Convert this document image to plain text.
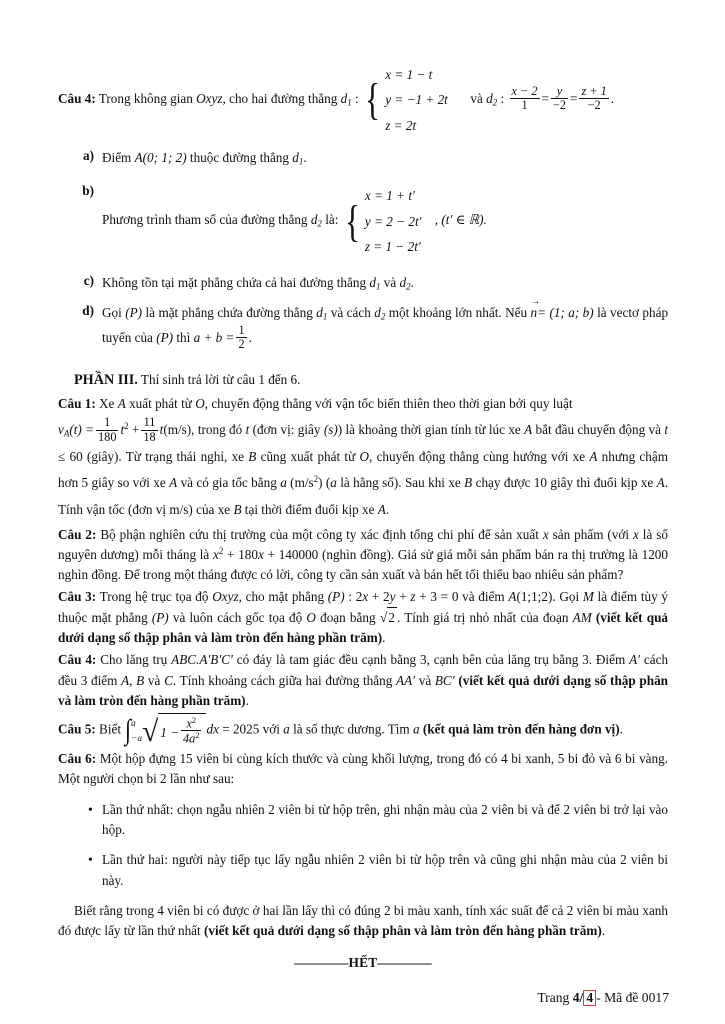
Câu 4: Trong không gian Oxyz, cho hai đường thẳng $d_1$ : {
x = 1 − t
y = −1 + 2t
z = 2t
và $d_2$ : $\frac{x - 2}{1} = \frac{y}{-2} = \frac{z + 1}{-2}$ .
a) Điểm A(0; 1; 2) thuộc đường thẳng $d_1$.
b)
Phương trình tham số của đường thẳng $d_2$ là: {
x = 1 + t′
y = 2 − 2t′
z = 1 − 2t′
, (t′ ∈ ℝ).
c) Không tồn tại mặt phẳng chứa cả hai đường thẳng $d_1$ và $d_2$.
d) Gọi (P) là mặt phẳng chứa đường thẳng $d_1$ và cách $d_2$ một khoảng lớn nhất. Nếu n →= (1; a; b) là vectơ pháp tuyến của (P) thì $a + b = \frac{1}{2}$ .
PHẦN III. Thí sinh trả lời từ câu 1 đến 6.
Câu 1: Xe A xuất phát từ O, chuyển động thẳng với vận tốc biến thiên theo thời gian bởi quy luật
$v_A(t) = \frac{1}{180} t^2 + \frac{11}{18} t(m/s)$, trong đó t (đơn vị: giây (s)) là khoảng thời gian tính từ lúc xe A bắt đầu chuyển động và t ≤ 60 (giây). Từ trạng thái nghỉ, xe B cũng xuất phát từ O, chuyển động thẳng cùng hướng với xe A nhưng chậm hơn 5 giây so với xe A và có gia tốc bằng a $(m/s^2)$ (a là hằng số). Sau khi xe B chạy được 10 giây thì đuổi kịp xe A. Tính vận tốc (đơn vị m/s) của xe B tại thời điểm đuổi kịp xe A.
Câu 2: Bộ phận nghiên cứu thị trường của một công ty xác định tổng chi phí để sản xuất x sản phẩm (với x là số nguyên dương) mỗi tháng là $x^2 + 180x + 140000$ (nghìn đồng). Giá sử giá mỗi sản phẩm bán ra thị trường là 1200 nghìn đồng. Để trong một tháng được có lời, công ty cần sản xuất và bán hết tối thiểu bao nhiêu sản phẩm?
Câu 3: Trong hệ trục tọa độ Oxyz, cho mặt phẳng (P) : 2x + 2y + z + 3 = 0 và điểm A(1;1;2). Gọi M là điểm tùy ý thuộc mặt phẳng (P) và luôn cách gốc tọa độ O đoạn bằng √2 . Tính giá trị nhỏ nhất của đoạn AM (viết kết quả dưới dạng số thập phân và làm tròn đến hàng phần trăm).
Câu 4: Cho lăng trụ ABC.A′B′C′ có đáy là tam giác đều cạnh bằng 3, cạnh bên của lăng trụ bằng 3. Điểm A′ cách đều 3 điểm A, B và C. Tính khoảng cách giữa hai đường thẳng AA′ và BC′ (viết kết quả dưới dạng số thập phân và làm tròn đến hàng phần trăm).
Câu 5: Biết ∫ a
−a √ $1 - \frac{x^2}{4a^2}$ dx = 2025 với a là số thực dương. Tìm a (kết quả làm tròn đến hàng đơn vị).
Câu 6: Một hộp đựng 15 viên bi cùng kích thước và cùng khối lượng, trong đó có 4 bi xanh, 5 bi đỏ và 6 bi vàng. Một người chọn bi 2 lần như sau:
• Lần thứ nhất: chọn ngẫu nhiên 2 viên bi từ hộp trên, ghi nhận màu của 2 viên bi và để 2 viên bi trở lại vào hộp.
• Lần thứ hai: người này tiếp tục lấy ngẫu nhiên 2 viên bi từ hộp trên và cũng ghi nhận màu của 2 viên bi này.
Biết rằng trong 4 viên bi có được ở hai lần lấy thì có đúng 2 bi màu xanh, tính xác suất để cả 2 viên bi màu xanh đó được lấy từ lần thứ nhất (viết kết quả dưới dạng số thập phân và làm tròn đến hàng phần trăm).
————HẾT————
Trang 4/ 4 - Mã đề 0017
